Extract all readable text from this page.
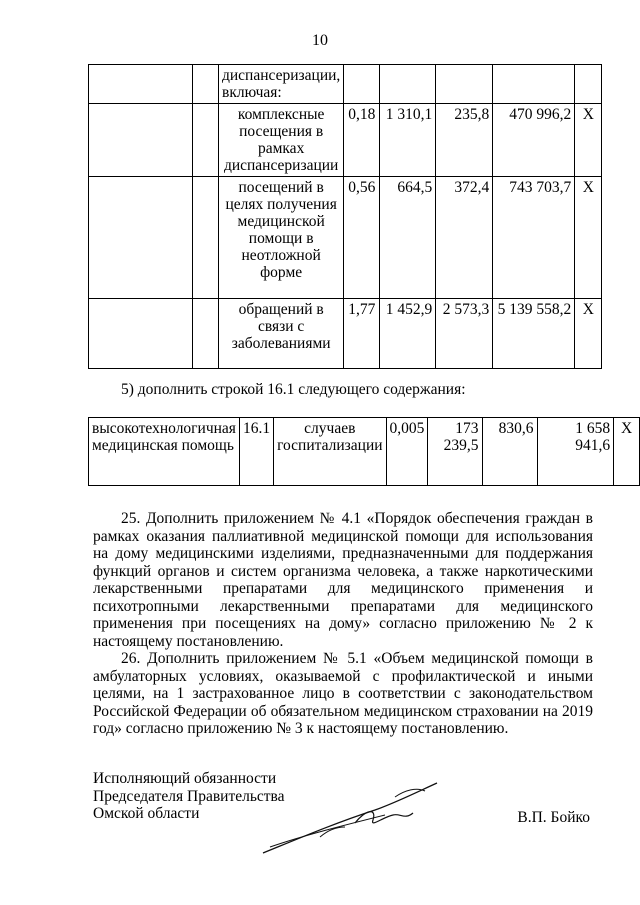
10
		диспансеризации, включая:					
		комплексные посещения в рамках диспансеризации	0,18	1 310,1	235,8	470 996,2	Х
		посещений в целях получения медицинской помощи в неотложной форме	0,56	664,5	372,4	743 703,7	Х
		обращений в связи с заболеваниями	1,77	1 452,9	2 573,3	5 139 558,2	Х
5) дополнить строкой 16.1 следующего содержания:
высокотехнологичная медицинская помощь	16.1	случаев госпитализации	0,005	173 239,5	830,6	1 658 941,6	Х
25. Дополнить приложением № 4.1 «Порядок обеспечения граждан в рамках оказания паллиативной медицинской помощи для использования на дому медицинскими изделиями, предназначенными для поддержания функций органов и систем организма человека, а также наркотическими лекарственными препаратами для медицинского применения и психотропными лекарственными препаратами для медицинского применения при посещениях на дому» согласно приложению № 2 к настоящему постановлению.
26. Дополнить приложением № 5.1 «Объем медицинской помощи в амбулаторных условиях, оказываемой с профилактической и иными целями, на 1 застрахованное лицо в соответствии с законодательством Российской Федерации об обязательном медицинском страховании на 2019 год» согласно приложению № 3 к настоящему постановлению.
Исполняющий обязанности
Председателя Правительства
Омской области	В.П. Бойко
